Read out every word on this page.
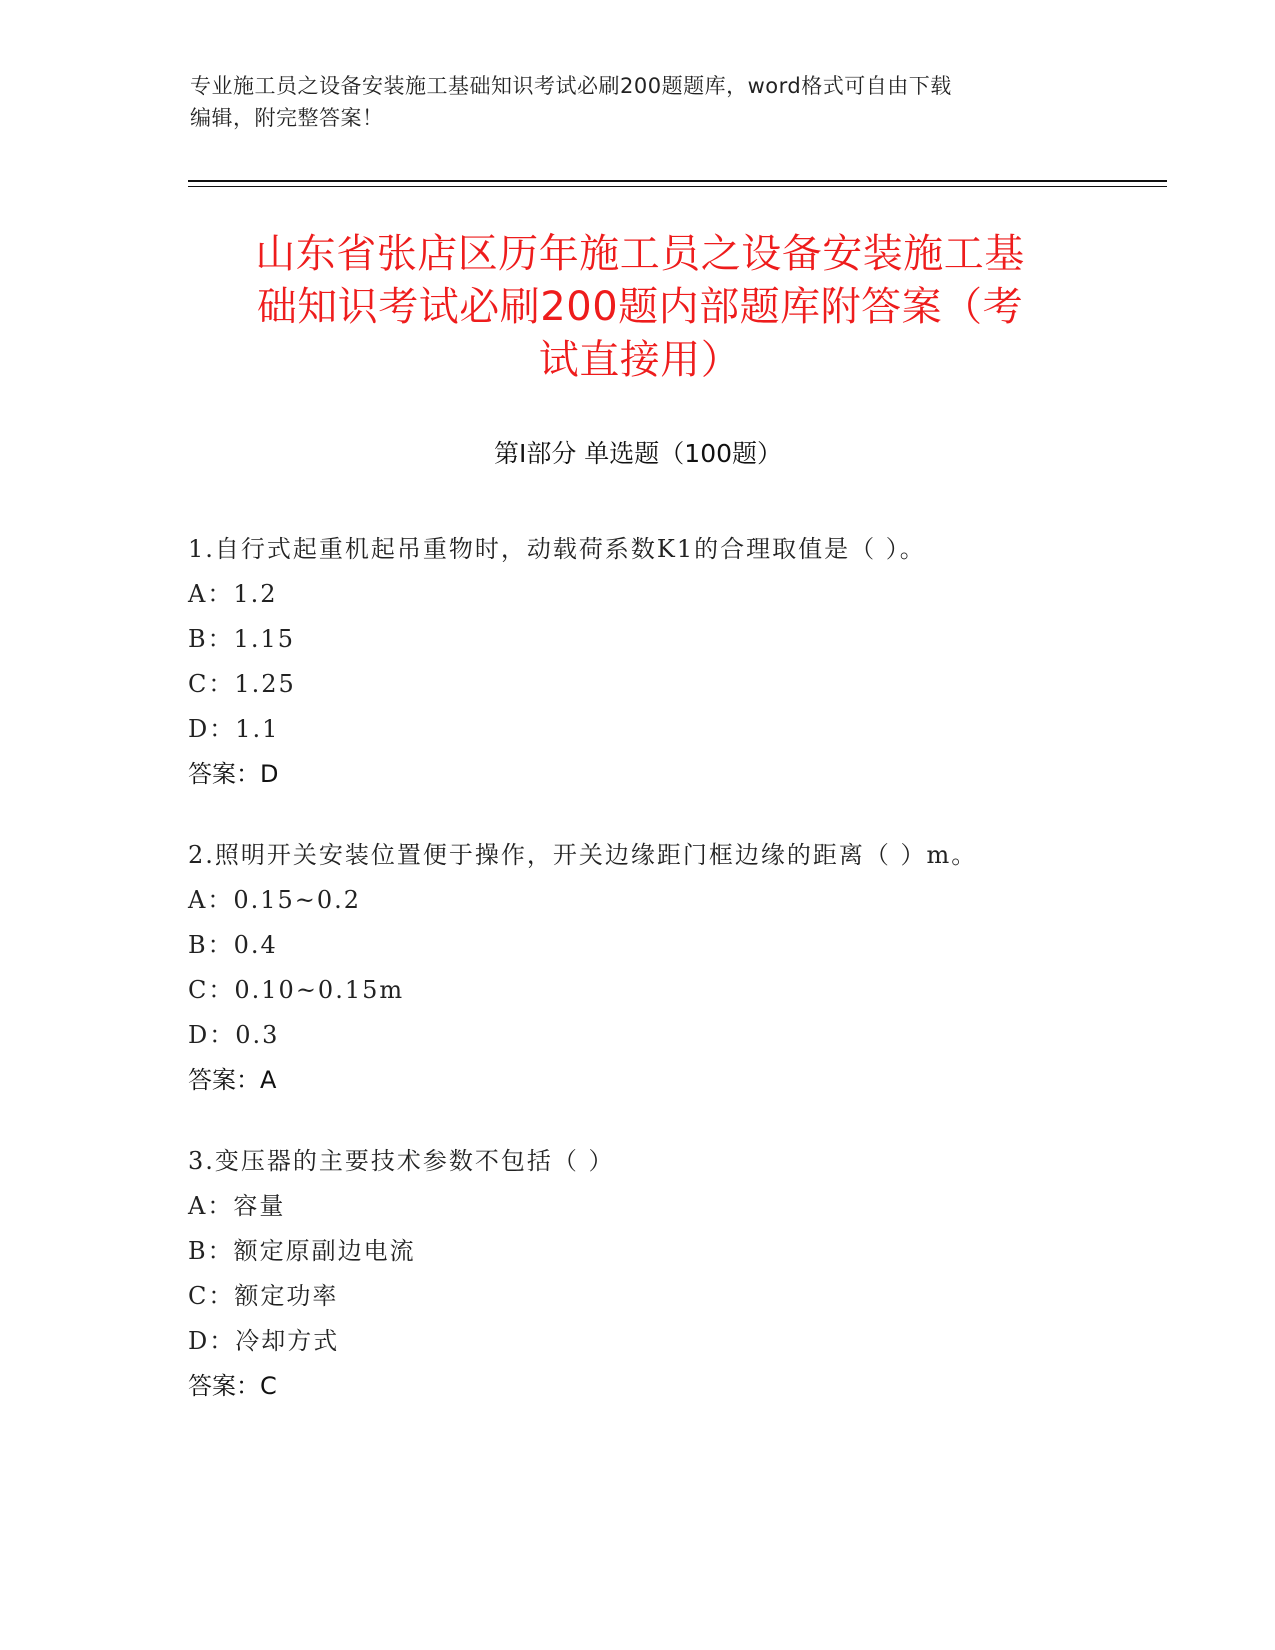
专业施工员之设备安装施工基础知识考试必刷200题题库，word格式可自由下载
编辑，附完整答案！
山东省张店区历年施工员之设备安装施工基
础知识考试必刷200题内部题库附答案（考
试直接用）
第Ⅰ部分 单选题（100题）
1.自行式起重机起吊重物时，动载荷系数K1的合理取值是（ ）。
A：1.2
B：1.15
C：1.25
D：1.1
答案：D
2.照明开关安装位置便于操作，开关边缘距门框边缘的距离（ ）m。
A：0.15~0.2
B：0.4
C：0.10~0.15m
D：0.3
答案：A
3.变压器的主要技术参数不包括（ ）
A：容量
B：额定原副边电流
C：额定功率
D：冷却方式
答案：C
